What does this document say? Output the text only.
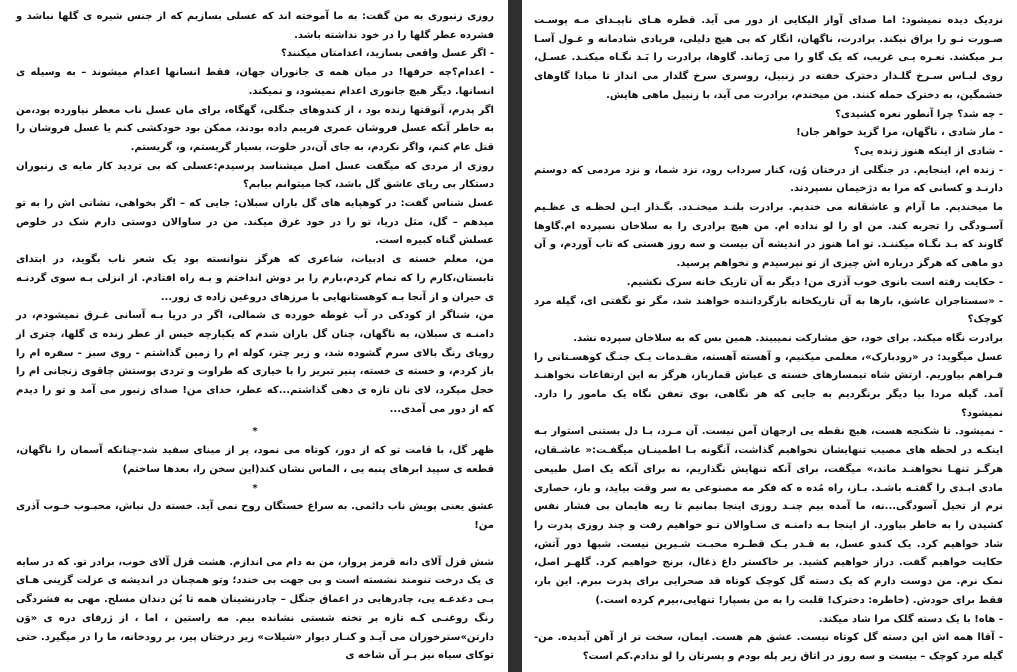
روزی زنبوری به من گفت: به ما آموخته اند که عسلی بسازیم که از جنس شیره ی گلها نباشد و فشرده عطر گلها را در خود نداشته باشد.

- اگر عسل واقعی بسازید، اعدامتان میکنند؟

- اعدام؟چه حرفها! در میان همه ی جانوران جهان، فقط انسانها اعدام میشوند – به وسیله ی انسانها. دیگر هیچ جانوری اعدام نمیشود، و نمیکند.

اگر پدرم، آنوقتها زنده بود ، از کندوهای جنگلی، گهگاه، برای مان عسل ناب معطر نیاورده بود،من به خاطر آنکه عسل فروشان عمری فریبم داده بودند، ممکن بود خودکشی کنم یا عسل فروشان را قتل عام کنم، واگر نکردم، به جای آن،در خلوت، بسیار گریستم، و، گریستم.

روزی از مردی که میگفت عسل اصل میشناسد پرسیدم:عسلی که بی تردید کار مایه ی زنبوران دستکار بی ریای عاشق گل باشد، کجا میتوانم بیابم؟

عسل شناس گفت: در کوهپایه های گل باران سبلان: جایی که – اگر بخواهی، نشانی اش را به تو میدهم – گل، مثل دریا، تو را در خود غرق میکند. من در ساوالان دوستی دارم شک در خلوص عسلش گناه کبیره است.

من، معلم خسته ی ادبیات، شاعری که هرگز نتوانسته بود یک شعر ناب بگوید، در ابتدای تابستان،کارم را که تمام کردم،بارم را بر دوش انداختم و بـه راه افتادم. از انزلی بـه سوی گردنـه ی حیران و از آنجا بـه کوهستانهایی با مرزهای دروغین زاده ی زور...

من، شناگر از کودکی در آب غوطه خورده ی شمالی، اگر در دریا بـه آسانی غـرق نمیشودم، در دامنـه ی سبلان، به ناگهان، چنان گل باران شدم که یکپارچه خیس از عطر زنده ی گلها، چتری از رویای رنگ بالای سرم گشوده شد، و زیر چتر، کوله ام را زمین گذاشتم - روی سبز - سفره ام را باز کردم، و خسته ی خسته، پنیر تبریز را با خیاری که طراوت و تردی پوستش چاقوی زنجانی ام را خجل میکرد، لای نان تازه ی دهی گذاشتم...که عطر، خدای من! صدای زنبور می آمد و تو را دیدم که از دور می آمدی...

*

ظهر گل، با قامت تو که از دور، کوتاه می نمود، پر از مینای سفید شد-چنانکه آسمان را ناگهان، قطعه ی سپید ابرهای پنبه یی ، الماس نشان کند(این سخن را، بعدها ساختم)

*

عشق یعنی پویش ناب دائمی. به سراغ خستگان روح نمی آید. خسته دل نباش، محبـوب خـوب آذری من!

شش قزل آلای دانه قرمز پروار، من به دام می اندازم. هشت قزل آلای خوب، برادر تو. که در سایه ی یک درخت تنومند نشسته است و بی جهت بی خندد؛ وتو همچنان در اندیشه ی عزلت گزینی هـای بـی دغدغـه یی، چادرهایی در اعماق جنگل – چادرنشینان همه تا بُن دندان مسلح. مهی به فشردگی رنگ روغنـی کـه تازه بر تخته شستی نشانده بیم. مه راستین ، اما ، از ژرفای دره ی «وَن دارتن»سترخوران می آیـد و کنـار دیوار «شیلات» زیر درختان پیر، بر رودخانه، ما را در میگیرد. حتی توکای سیاه نیز بـر آن شاخه ی

نزدیک دیده نمیشود: اما صدای آواز الیکایی از دور می آید. قطره هـای ناپیـدای مـه پوسـت صـورت تـو را براق نیکند. برادرت، ناگهان، انگار که بی هیچ دلیلی، فریادی شادمانه و غـول آسـا بـر میکشد. نعـره یـی غریب، که یک گاو را می رَماند. گاوها، برادرت را بَـد نگـاه میکنـد. عسـل، روی لبـاس سـرخ گلـدار دخترک خفته در زنبیل، روسری سرخ گلدار می انداز تا مبادا گاوهای خشمگین، به دخترک حمله کنند. من میخندم، برادرت می آید، با زنبیل ماهی هایش.

- چه شد؟ چرا آنطور نعره کشیدی؟

- مار شادی ، ناگهان، مرا گزید خواهر جان!

- شادی از اینکه هنوز زنده یی؟

- زنده ام، اینجایم. در جنگلی از درختان وُن، کنار سرداب رود، نزد شما، و نزد مردمی که دوستم دارنـد و کسانی که مرا به دژخیمان نسپردند.

ما میخندیم. ما آرام و عاشقانه می خندیم. برادرت بلنـد میخنـدد. بگـذار ایـن لحظـه ی عظـیم آسـودگی را تجربه کند. من او را لو نداده ام. من هیچ برادری را به سلاخان نسپرده ام.گاوها گاوند که بـد نگـاه میکننـد. تو اما هنوز در اندیشه آن بیست و سه روز هستی که تاب آوردم، و آن دو ماهی که هرگز درباره اش چیزی از تو نپرسیدم و نخواهم پرسید.

- حکایت رفته است بانوی خوب آذری من! دیگر به آن تاریک خانه سرک نکشیم.

- «سستاجران عاشق، بارها به آن تاریکخانه بازگرداننده خواهند شد، مگر تو نگفتی ای، گیله مرد کوچک؟

برادرت نگاه میکند. برای خود، حق مشارکت نمیبیند. همین بس که به سلاخان سپرده نشد.

عسل میگوید: در «رودبارک»، معلمی میکنیم، و آهسته آهسته، مقـدمات یـک جنـگ کوهسـتانی را فـراهم بیاوریم. ارتش شاه تیمسارهای خسته ی عیاش قمارباز، هرگز به این ارتفاعات نخواهنـد آمد. گیله مردا بیا دیگر برنگردیم به جایی که هر نگاهی، بوی تعفن نگاه یک مامور را دارد. نمیشود؟

- نمیشود. تا شکنجه هست، هیچ نقطه یی ازجهان آمن نیست. آن مـرد، بـا دل بستنی استوار بـه اینکـه در لحظه های مصیب تنهایشان نخواهیم گذاشت، آنگونه بـا اطمینـان میگفـت:« عاشـقان، هرگـز تنهـا نخواهنـد ماند،» میگفت، برای آنکه تنهایش نگذاریم، نه برای آنکه یک اصل طبیعی مادی ابـدی را گفتـه باشـد. بـاز، راه مُده ه که فکر مه مصنوعی به سر وقت بیاید، و باز، حصاری نرم از تخیل آسودگی...نه، ما آمده بیم چنـد روزی اینجا بمانیم تا ریه هایمان بی فشار نفس کشیدن را به خاطر بیاورد. از اینجا بـه دامنـه ی سـاوالان تـو خواهیم رفت و چند روزی پدرت را شاد خواهیم کرد. یک کندو عسل، به قـدر یـک قطـره محبـت شـیرین نیست. شبها دور آتش، حکایت خواهیم گفت. دراز خواهیم کشید. بر خاکستر داغ ذغال، برنج خواهیم کرد. گلهـر اصل، نمک نرم. من دوست دارم که یک دسته گل کوچک کوتاه قد صحرایی برای پدرت ببرم. این بار، فقط برای خودش. (خاطره: دخترک! قلبت را به من بسپار! تنهایی،بیرم کرده است.)

- هاه! با یک دسته گلک مرا شاد میکند.

- آقاا همه اش این دسته گل کوتاه نیست. عشق هم هست. ایمان، سخت تر از آهن آبدیده. من-گیله مرد کوچک – بیست و سه روز در اتاق زیر پله بودم و پسرتان را لو ندادم.کم است؟
